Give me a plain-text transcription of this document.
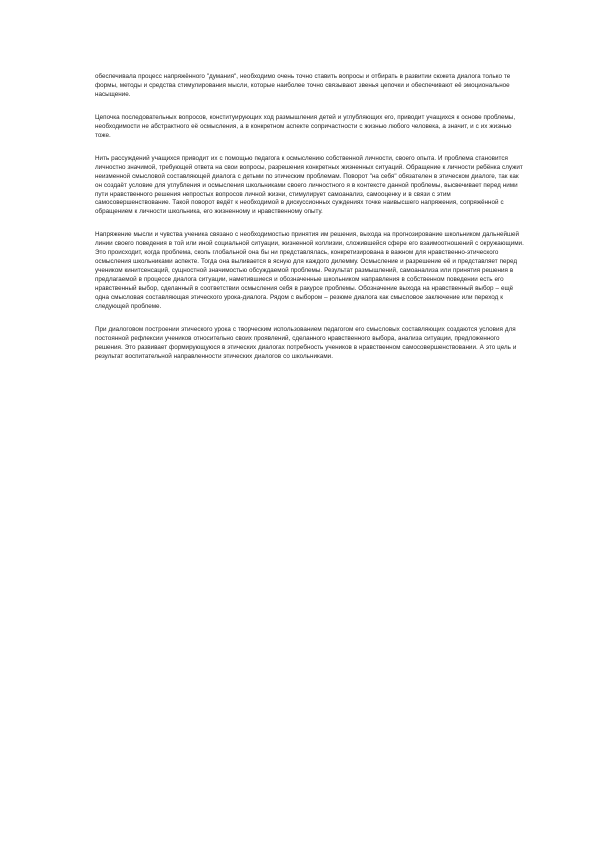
обеспечивала процесс напряжённого "думания", необходимо очень точно ставить вопросы и отбирать в развитии сюжета диалога только те формы, методы и средства стимулирования мысли, которые наиболее точно связывают звенья цепочки и обеспечивают её эмоциональное насыщение.

Цепочка последовательных вопросов, конституирующих ход размышления детей и углубляющих его, приводит учащихся к основе проблемы, необходимости не абстрактного её осмысления, а в конкретном аспекте сопричастности с жизнью любого человека, а значит, и с их жизнью тоже.

Нить рассуждений учащихся приводит их с помощью педагога к осмыслению собственной личности, своего опыта. И проблема становится личностно значимой, требующей ответа на свои вопросы, разрешения конкретных жизненных ситуаций. Обращение к личности ребёнка служит неизменной смысловой составляющей диалога с детьми по этическим проблемам. Поворот "на себя" обязателен в этическом диалоге, так как он создаёт условие для углубления и осмысления школьниками своего личностного я в контексте данной проблемы, высвечивает перед ними пути нравственного решения непростых вопросов личной жизни, стимулирует самоанализ, самооценку и в связи с этим самосовершенствование. Такой поворот ведёт к необходимой в дискуссионных суждениях точке наивысшего напряжения, сопряжённой с обращением к личности школьника, его жизненному и нравственному опыту.

Напряжение мысли и чувства ученика связано с необходимостью принятия им решения, выхода на прогнозирование школьником дальнейшей линии своего поведения в той или иной социальной ситуации, жизненной коллизии, сложившейся сфере его взаимоотношений с окружающими. Это происходит, когда проблема, сколь глобальной она бы ни представлялась, конкретизирована в важном для нравственно-этического осмысления школьниками аспекте. Тогда она выливается в ясную для каждого дилемму. Осмысление и разрешение её и представляет перед учеником кинитсенсаций, сущностной значимостью обсуждаемой проблемы. Результат размышлений, самоанализа или принятия решения в предлагаемой в процессе диалога ситуации, наметившиеся и обозначенные школьником направления в собственном поведении есть его нравственный выбор, сделанный в соответствии осмысления себя в ракурсе проблемы. Обозначение выхода на нравственный выбор – ещё одна смысловая составляющая этического урока-диалога. Рядом с выбором – резюме диалога как смысловое заключение или переход к следующей проблеме.

При диалоговом построении этического урока с творческим использованием педагогом его смысловых составляющих создаются условия для постоянной рефлексии учеников относительно своих проявлений, сделанного нравственного выбора, анализа ситуации, предложенного решения. Это развивает формирующуюся в этических диалогах потребность учеников в нравственном самосовершенствовании. А это цель и результат воспитательной направленности этических диалогов со школьниками.
